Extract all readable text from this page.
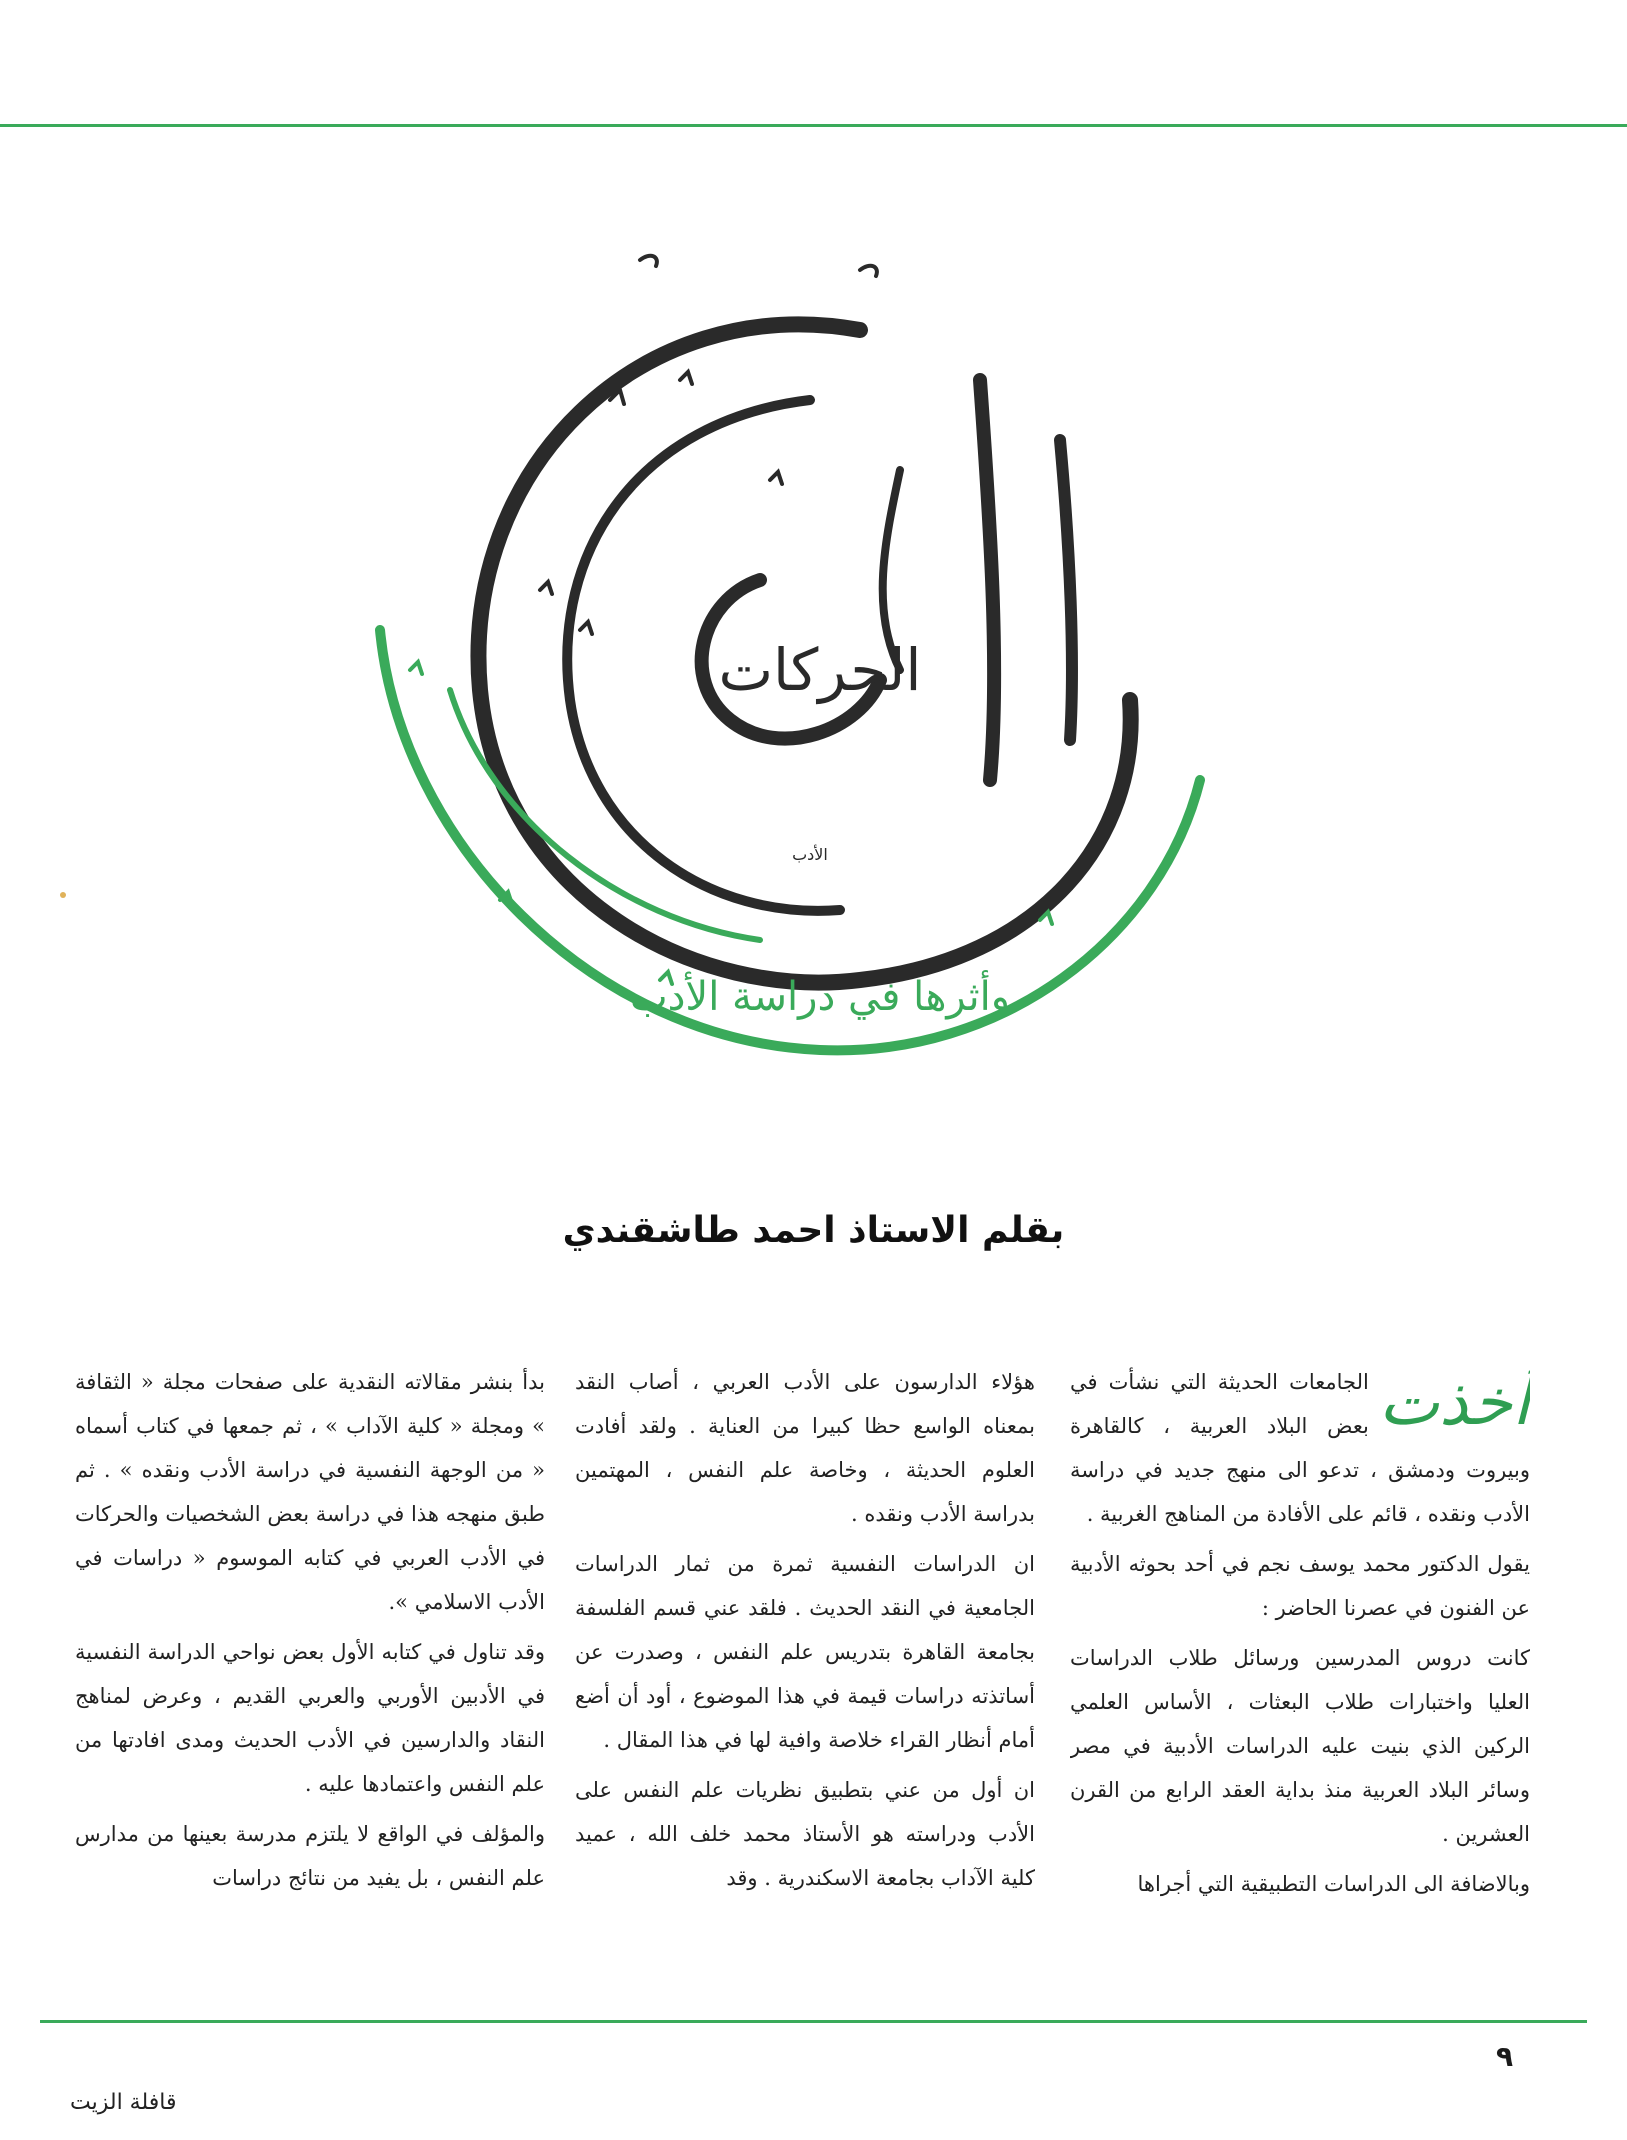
الحركات
وأثرها في دراسة الأدب
الأدب
بقلم الاستاذ احمد طاشقندي

أخذت
الجامعات الحديثة التي نشأت في بعض البلاد العربية ، كالقاهرة وبيروت ودمشق ، تدعو الى منهج جديد في دراسة الأدب ونقده ، قائم على الأفادة من المناهج الغربية .

يقول الدكتور محمد يوسف نجم في أحد بحوثه الأدبية عن الفنون في عصرنا الحاضر :

كانت دروس المدرسين ورسائل طلاب الدراسات العليا واختبارات طلاب البعثات ، الأساس العلمي الركين الذي بنيت عليه الدراسات الأدبية في مصر وسائر البلاد العربية منذ بداية العقد الرابع من القرن العشرين .

وبالاضافة الى الدراسات التطبيقية التي أجراها

هؤلاء الدارسون على الأدب العربي ، أصاب النقد بمعناه الواسع حظا كبيرا من العناية . ولقد أفادت العلوم الحديثة ، وخاصة علم النفس ، المهتمين بدراسة الأدب ونقده .

ان الدراسات النفسية ثمرة من ثمار الدراسات الجامعية في النقد الحديث . فلقد عني قسم الفلسفة بجامعة القاهرة بتدريس علم النفس ، وصدرت عن أساتذته دراسات قيمة في هذا الموضوع ، أود أن أضع أمام أنظار القراء خلاصة وافية لها في هذا المقال .

ان أول من عني بتطبيق نظريات علم النفس على الأدب ودراسته هو الأستاذ محمد خلف الله ، عميد كلية الآداب بجامعة الاسكندرية . وقد

بدأ بنشر مقالاته النقدية على صفحات مجلة « الثقافة » ومجلة « كلية الآداب » ، ثم جمعها في كتاب أسماه « من الوجهة النفسية في دراسة الأدب ونقده » . ثم طبق منهجه هذا في دراسة بعض الشخصيات والحركات في الأدب العربي في كتابه الموسوم « دراسات في الأدب الاسلامي ».

وقد تناول في كتابه الأول بعض نواحي الدراسة النفسية في الأدبين الأوربي والعربي القديم ، وعرض لمناهج النقاد والدارسين في الأدب الحديث ومدى افادتها من علم النفس واعتمادها عليه .

والمؤلف في الواقع لا يلتزم مدرسة بعينها من مدارس علم النفس ، بل يفيد من نتائج دراسات

٩
قافلة الزيت
